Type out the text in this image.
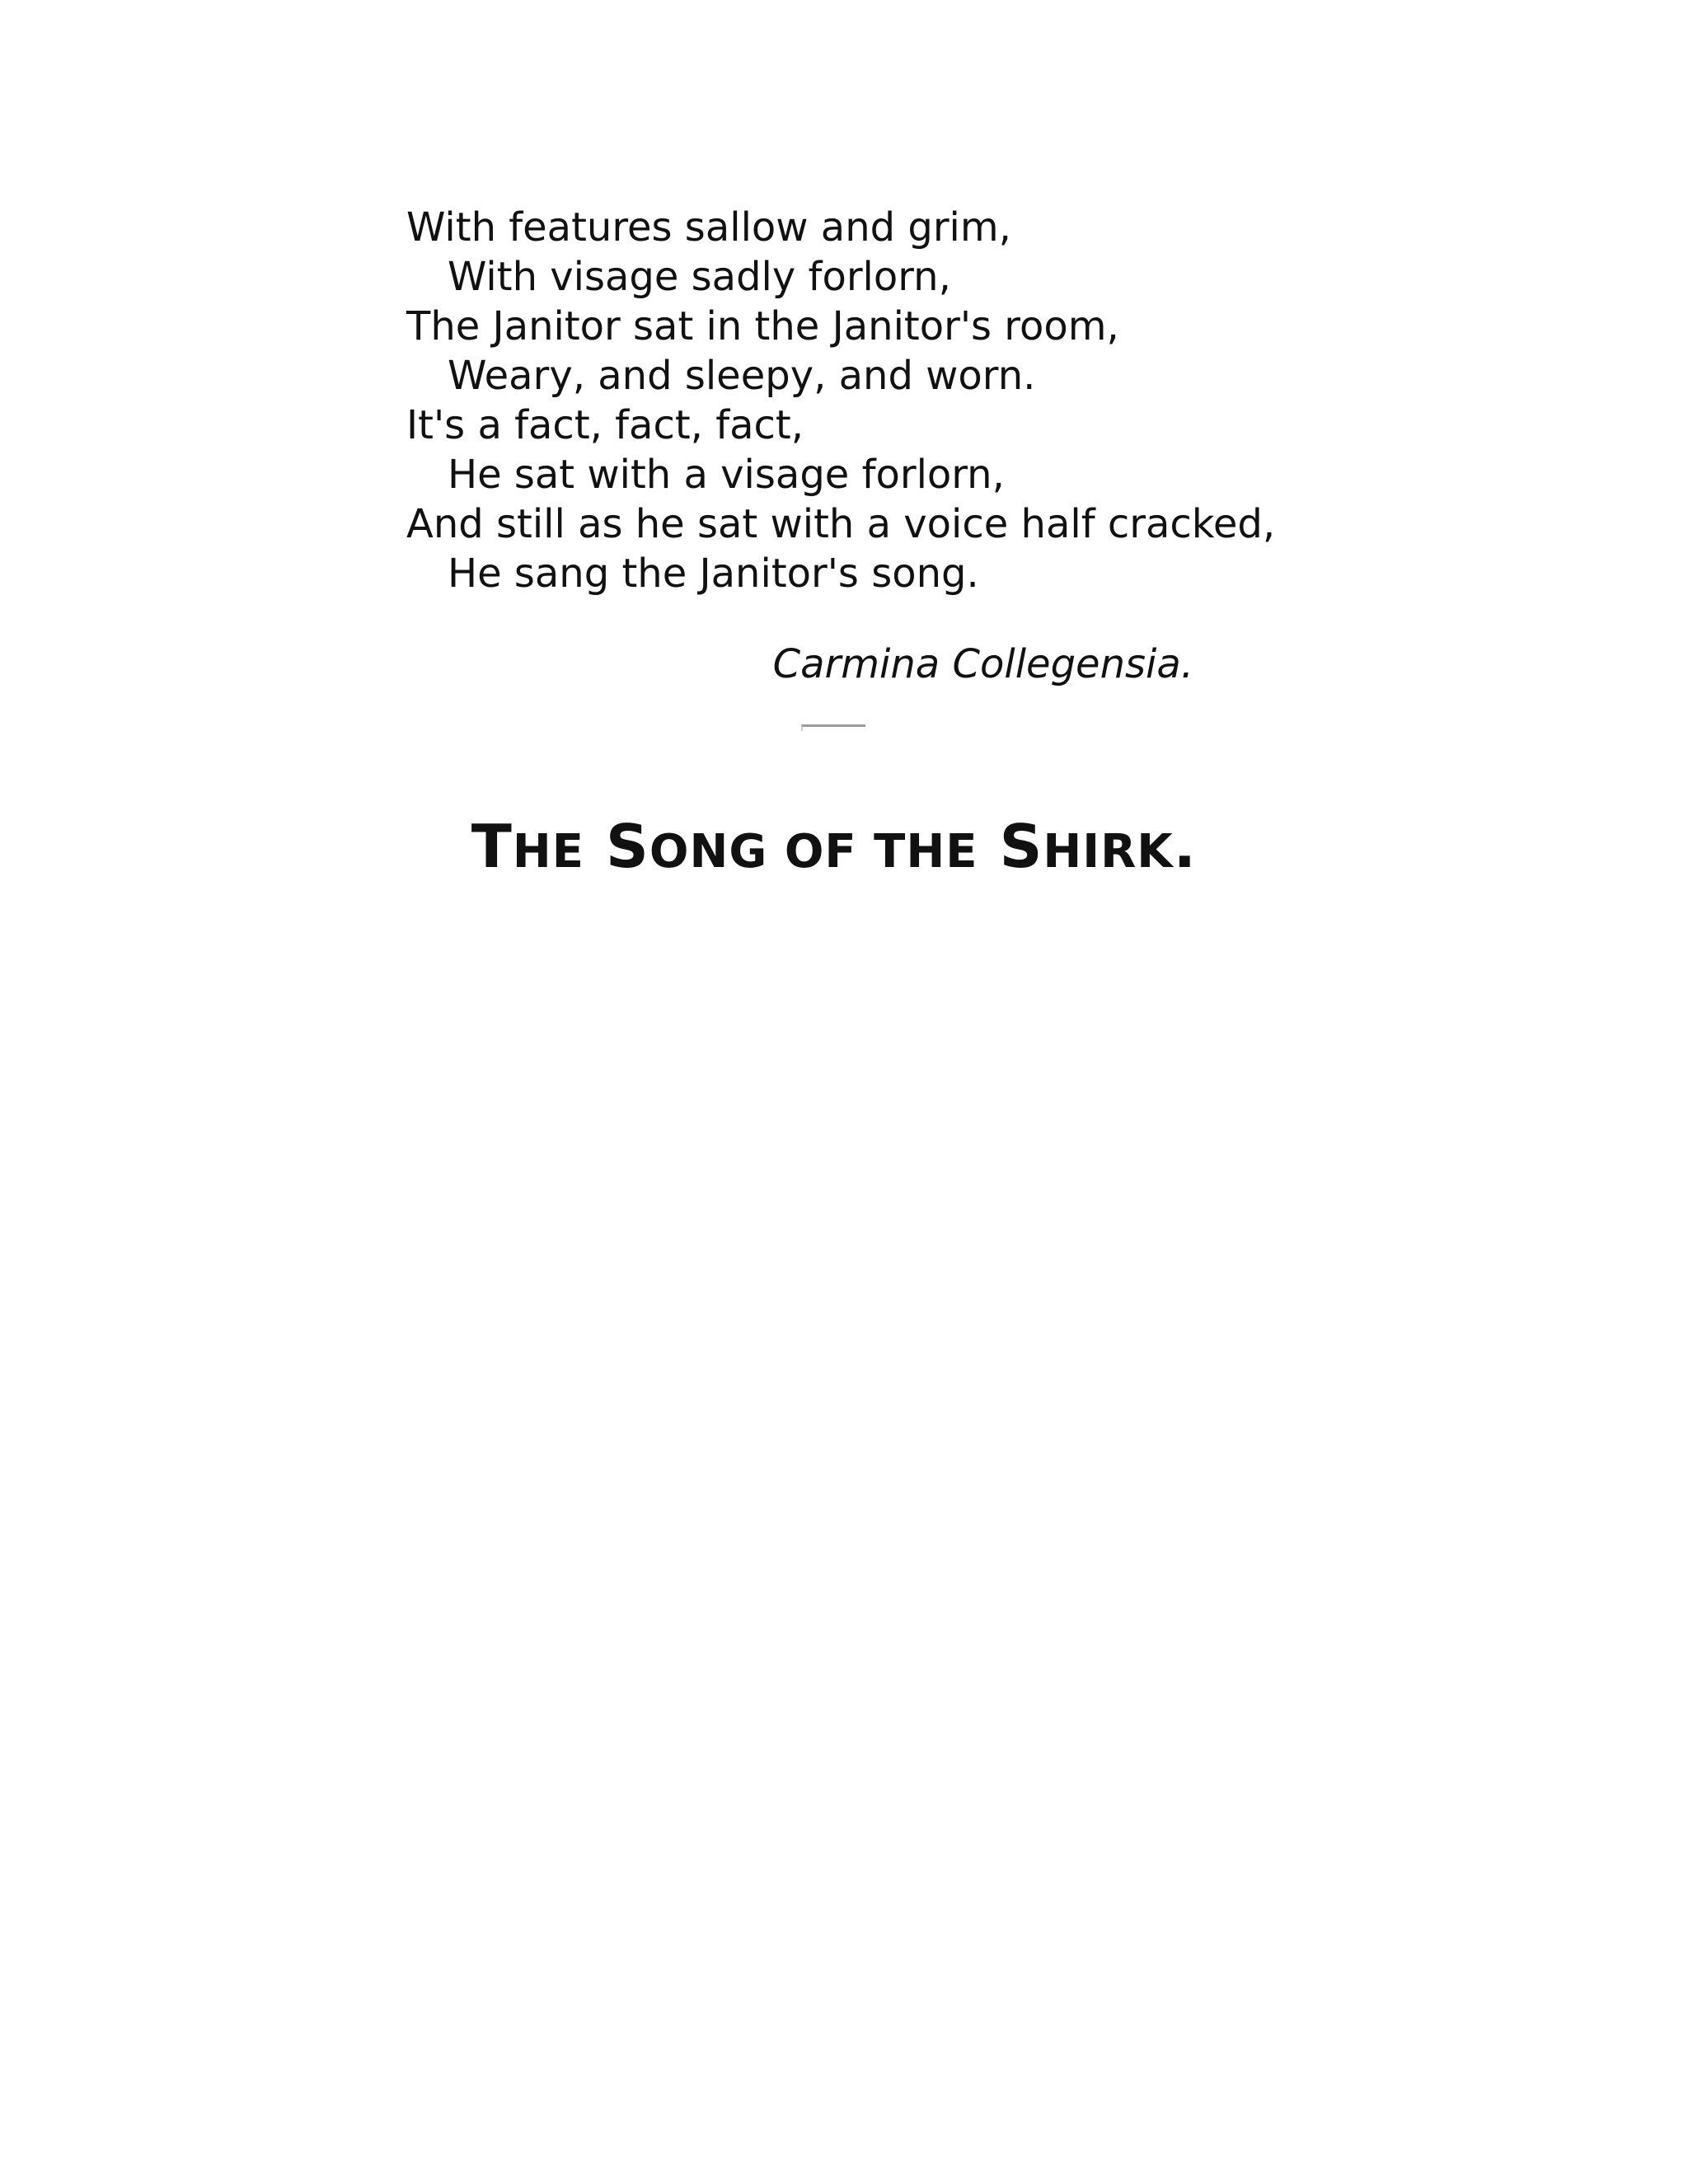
With features sallow and grim,
With visage sadly forlorn,
The Janitor sat in the Janitor's room,
Weary, and sleepy, and worn.
It's a fact, fact, fact,
He sat with a visage forlorn,
And still as he sat with a voice half cracked,
He sang the Janitor's song.
Carmina Collegensia.
THE SONG OF THE SHIRK.
